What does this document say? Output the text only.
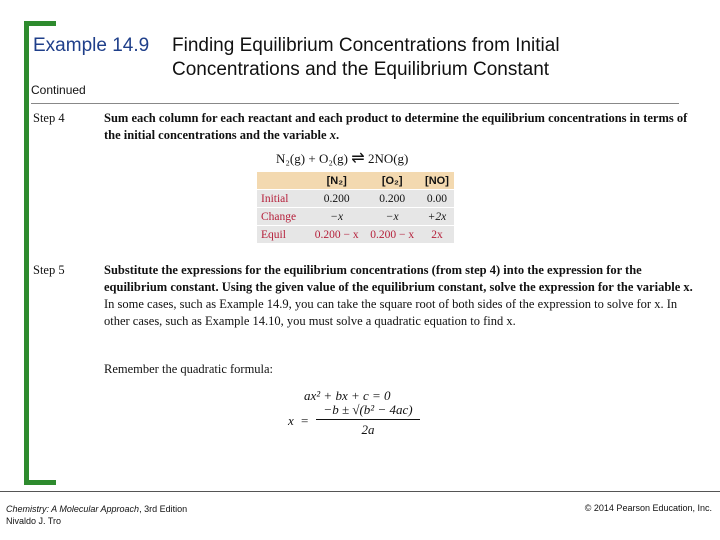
Example 14.9 Finding Equilibrium Concentrations from Initial
Concentrations and the Equilibrium Constant
Continued
Step 4	Sum each column for each reactant and each product to determine the equilibrium concentrations in terms of the initial concentrations and the variable x.
N₂(g) + O₂(g) ⇌ 2NO(g)
	[N₂]	[O₂]	[NO]
Initial	0.200	0.200	0.00
Change	−x	−x	+2x
Equil	0.200 − x	0.200 − x	2x
Step 5	Substitute the expressions for the equilibrium concentrations (from step 4) into the expression for the equilibrium constant. Using the given value of the equilibrium constant, solve the expression for the variable x. In some cases, such as Example 14.9, you can take the square root of both sides of the expression to solve for x. In other cases, such as Example 14.10, you must solve a quadratic equation to find x.
Remember the quadratic formula:
ax² + bx + c = 0
$x = \frac{\text{−b ± √(b² − 4ac)}}{2a}$
Chemistry: A Molecular Approach, 3rd Edition
Nivaldo J. Tro
© 2014 Pearson Education, Inc.
